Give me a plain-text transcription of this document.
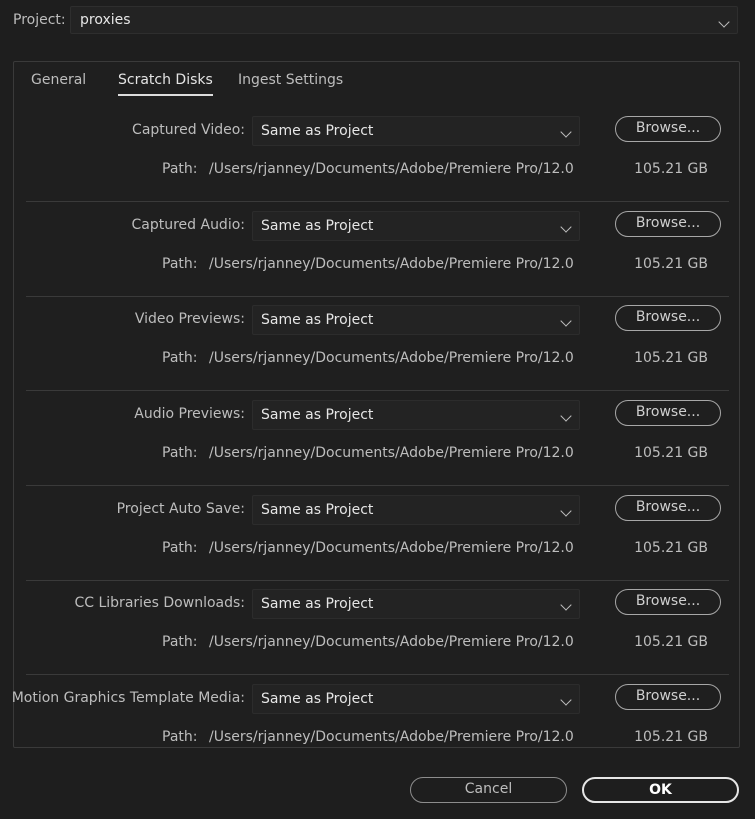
Project: proxies
General Scratch Disks Ingest Settings
Captured Video: Same as Project	Browse...
Path: /Users/rjanney/Documents/Adobe/Premiere Pro/12.0	105.21 GB
Captured Audio: Same as Project	Browse...
Path: /Users/rjanney/Documents/Adobe/Premiere Pro/12.0	105.21 GB
Video Previews: Same as Project	Browse...
Path: /Users/rjanney/Documents/Adobe/Premiere Pro/12.0	105.21 GB
Audio Previews: Same as Project	Browse...
Path: /Users/rjanney/Documents/Adobe/Premiere Pro/12.0	105.21 GB
Project Auto Save: Same as Project	Browse...
Path: /Users/rjanney/Documents/Adobe/Premiere Pro/12.0	105.21 GB
CC Libraries Downloads: Same as Project	Browse...
Path: /Users/rjanney/Documents/Adobe/Premiere Pro/12.0	105.21 GB
Motion Graphics Template Media: Same as Project	Browse...
Path: /Users/rjanney/Documents/Adobe/Premiere Pro/12.0	105.21 GB
Cancel	OK
